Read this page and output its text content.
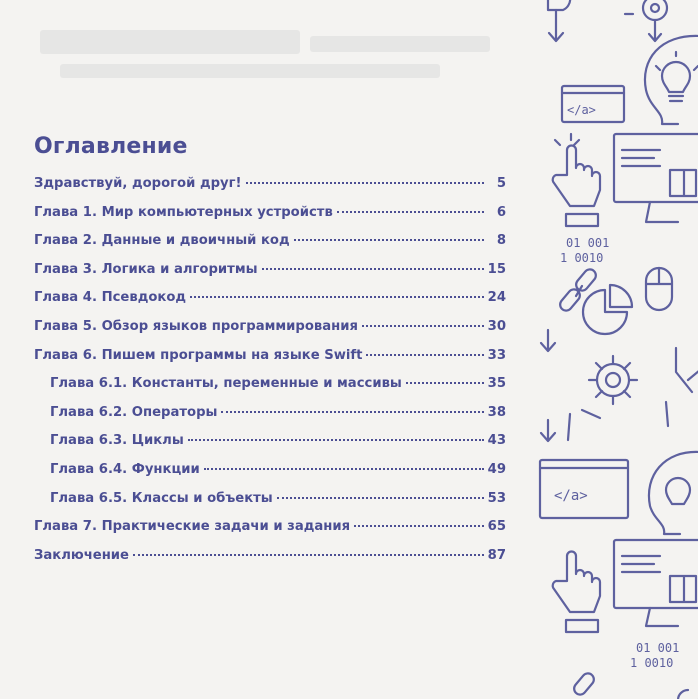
Оглавление
Здравствуй, дорогой друг!	5
Глава 1. Мир компьютерных устройств	6
Глава 2. Данные и двоичный код	8
Глава 3. Логика и алгоритмы	15
Глава 4. Псевдокод	24
Глава 5. Обзор языков программирования	30
Глава 6. Пишем программы на языке Swift	33
Глава 6.1. Константы, переменные и массивы	35
Глава 6.2. Операторы	38
Глава 6.3. Циклы	43
Глава 6.4. Функции	49
Глава 6.5. Классы и объекты	53
Глава 7. Практические задачи и задания	65
Заключение	87
</a>
01 001
1 0010
</a>
01 001
1 0010
